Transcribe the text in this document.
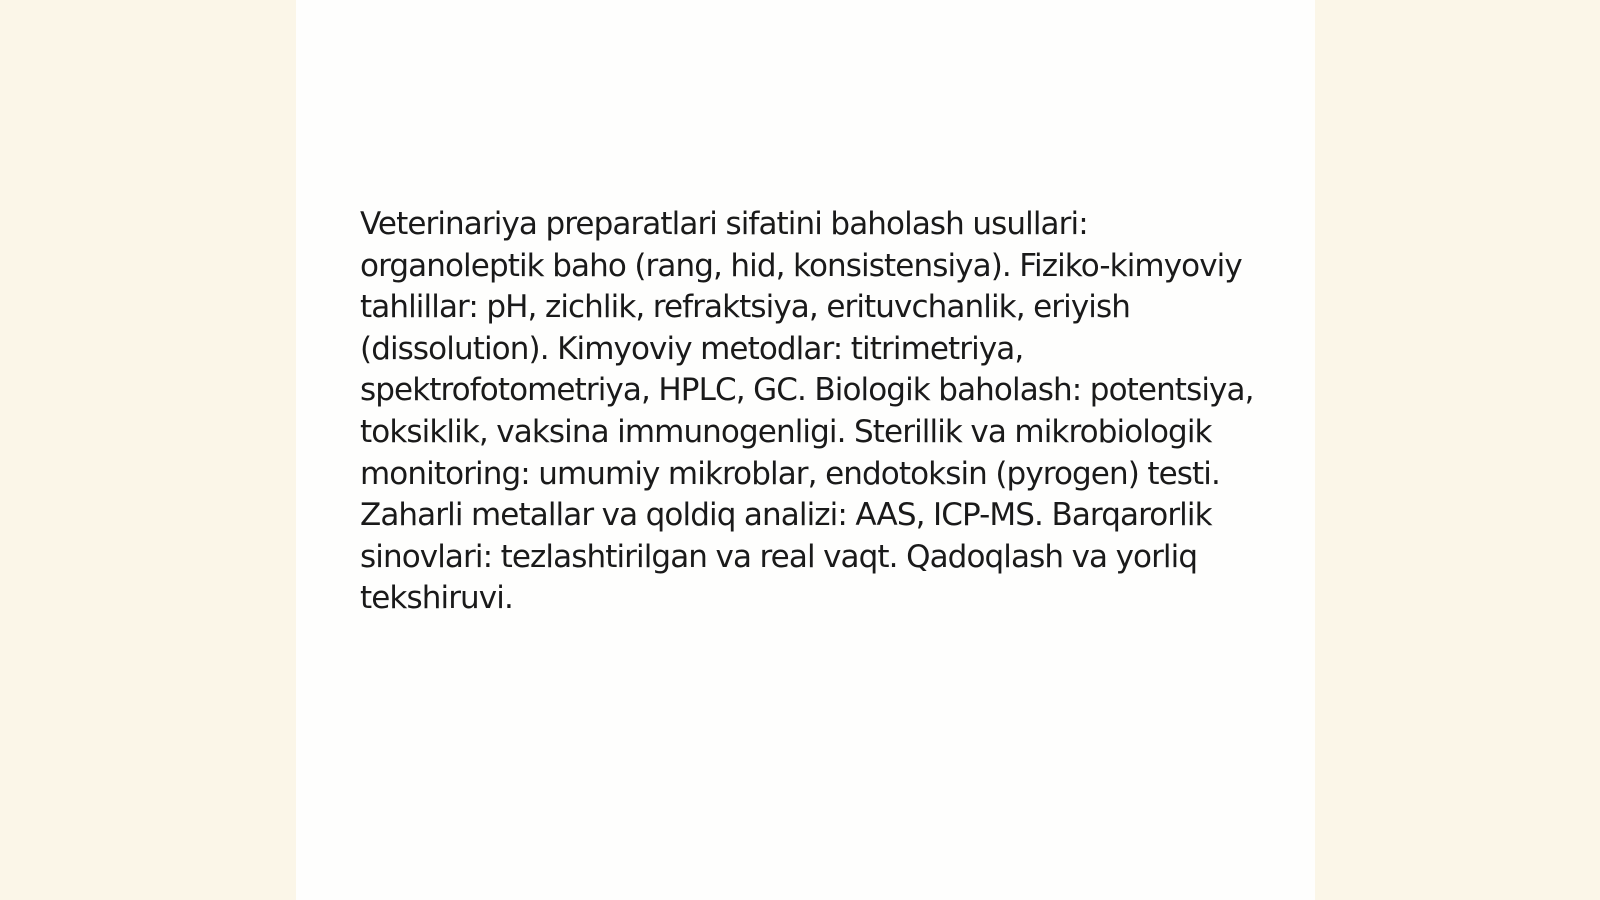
Veterinariya preparatlari sifatini baholash usullari: organoleptik baho (rang, hid, konsistensiya). Fiziko-kimyoviy tahlillar: pH, zichlik, refraktsiya, erituvchanlik, eriyish (dissolution). Kimyoviy metodlar: titrimetriya, spektrofotometriya, HPLC, GC. Biologik baholash: potentsiya, toksiklik, vaksina immunogenligi. Sterillik va mikrobiologik monitoring: umumiy mikroblar, endotoksin (pyrogen) testi. Zaharli metallar va qoldiq analizi: AAS, ICP-MS. Barqarorlik sinovlari: tezlashtirilgan va real vaqt. Qadoqlash va yorliq tekshiruvi.
